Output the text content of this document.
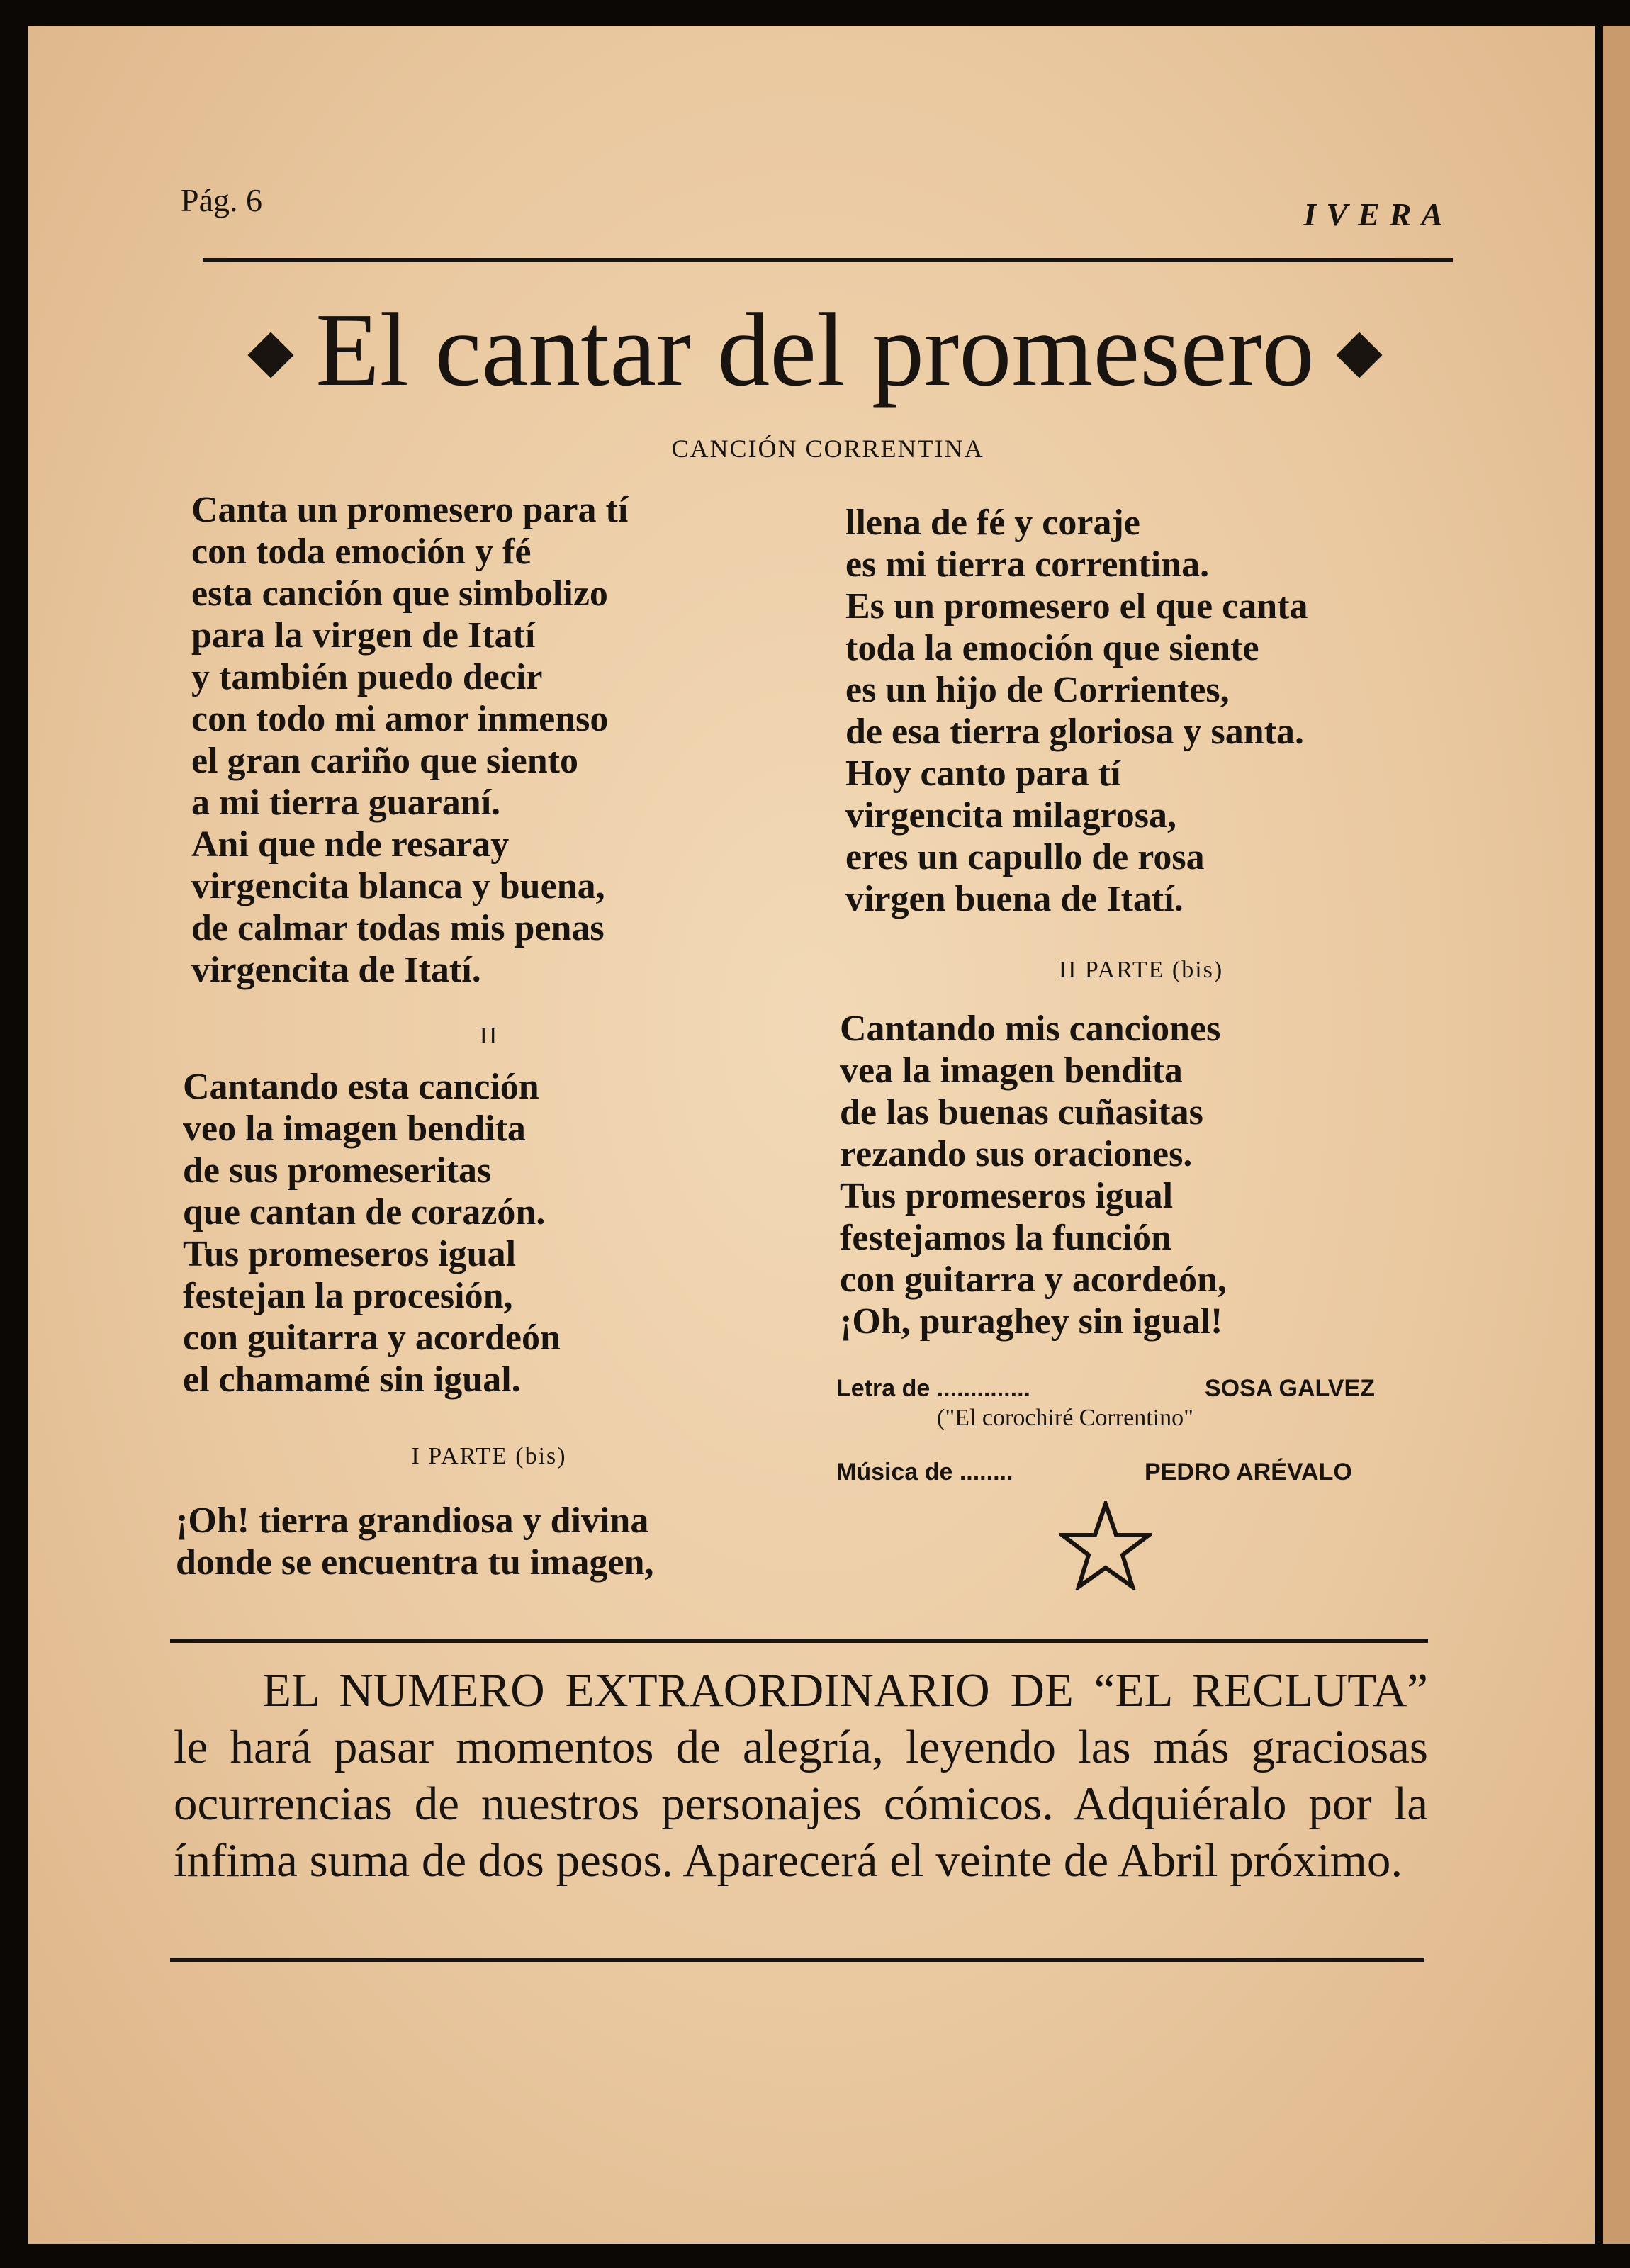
Pág. 6	IVERA
El cantar del promesero
CANCIÓN CORRENTINA
Canta un promesero para tí
con toda emoción y fé
esta canción que simbolizo
para la virgen de Itatí
y también puedo decir
con todo mi amor inmenso
el gran cariño que siento
a mi tierra guaraní.
Ani que nde resaray
virgencita blanca y buena,
de calmar todas mis penas
virgencita de Itatí.
II
Cantando esta canción
veo la imagen bendita
de sus promeseritas
que cantan de corazón.
Tus promeseros igual
festejan la procesión,
con guitarra y acordeón
el chamamé sin igual.
I PARTE (bis)
¡Oh! tierra grandiosa y divina
donde se encuentra tu imagen,
llena de fé y coraje
es mi tierra correntina.
Es un promesero el que canta
toda la emoción que siente
es un hijo de Corrientes,
de esa tierra gloriosa y santa.
Hoy canto para tí
virgencita milagrosa,
eres un capullo de rosa
virgen buena de Itatí.
II PARTE (bis)
Cantando mis canciones
vea la imagen bendita
de las buenas cuñasitas
rezando sus oraciones.
Tus promeseros igual
festejamos la función
con guitarra y acordeón,
¡Oh, puraghey sin igual!
Letra de ..............	SOSA GALVEZ
("El corochiré Correntino"
Música de ........	PEDRO ARÉVALO
EL NUMERO EXTRAORDINARIO DE “EL RECLUTA” le hará pasar momentos de alegría, leyendo las más graciosas ocurrencias de nuestros personajes cómicos. Adquiéralo por la ínfima suma de dos pesos. Aparecerá el veinte de Abril próximo.
